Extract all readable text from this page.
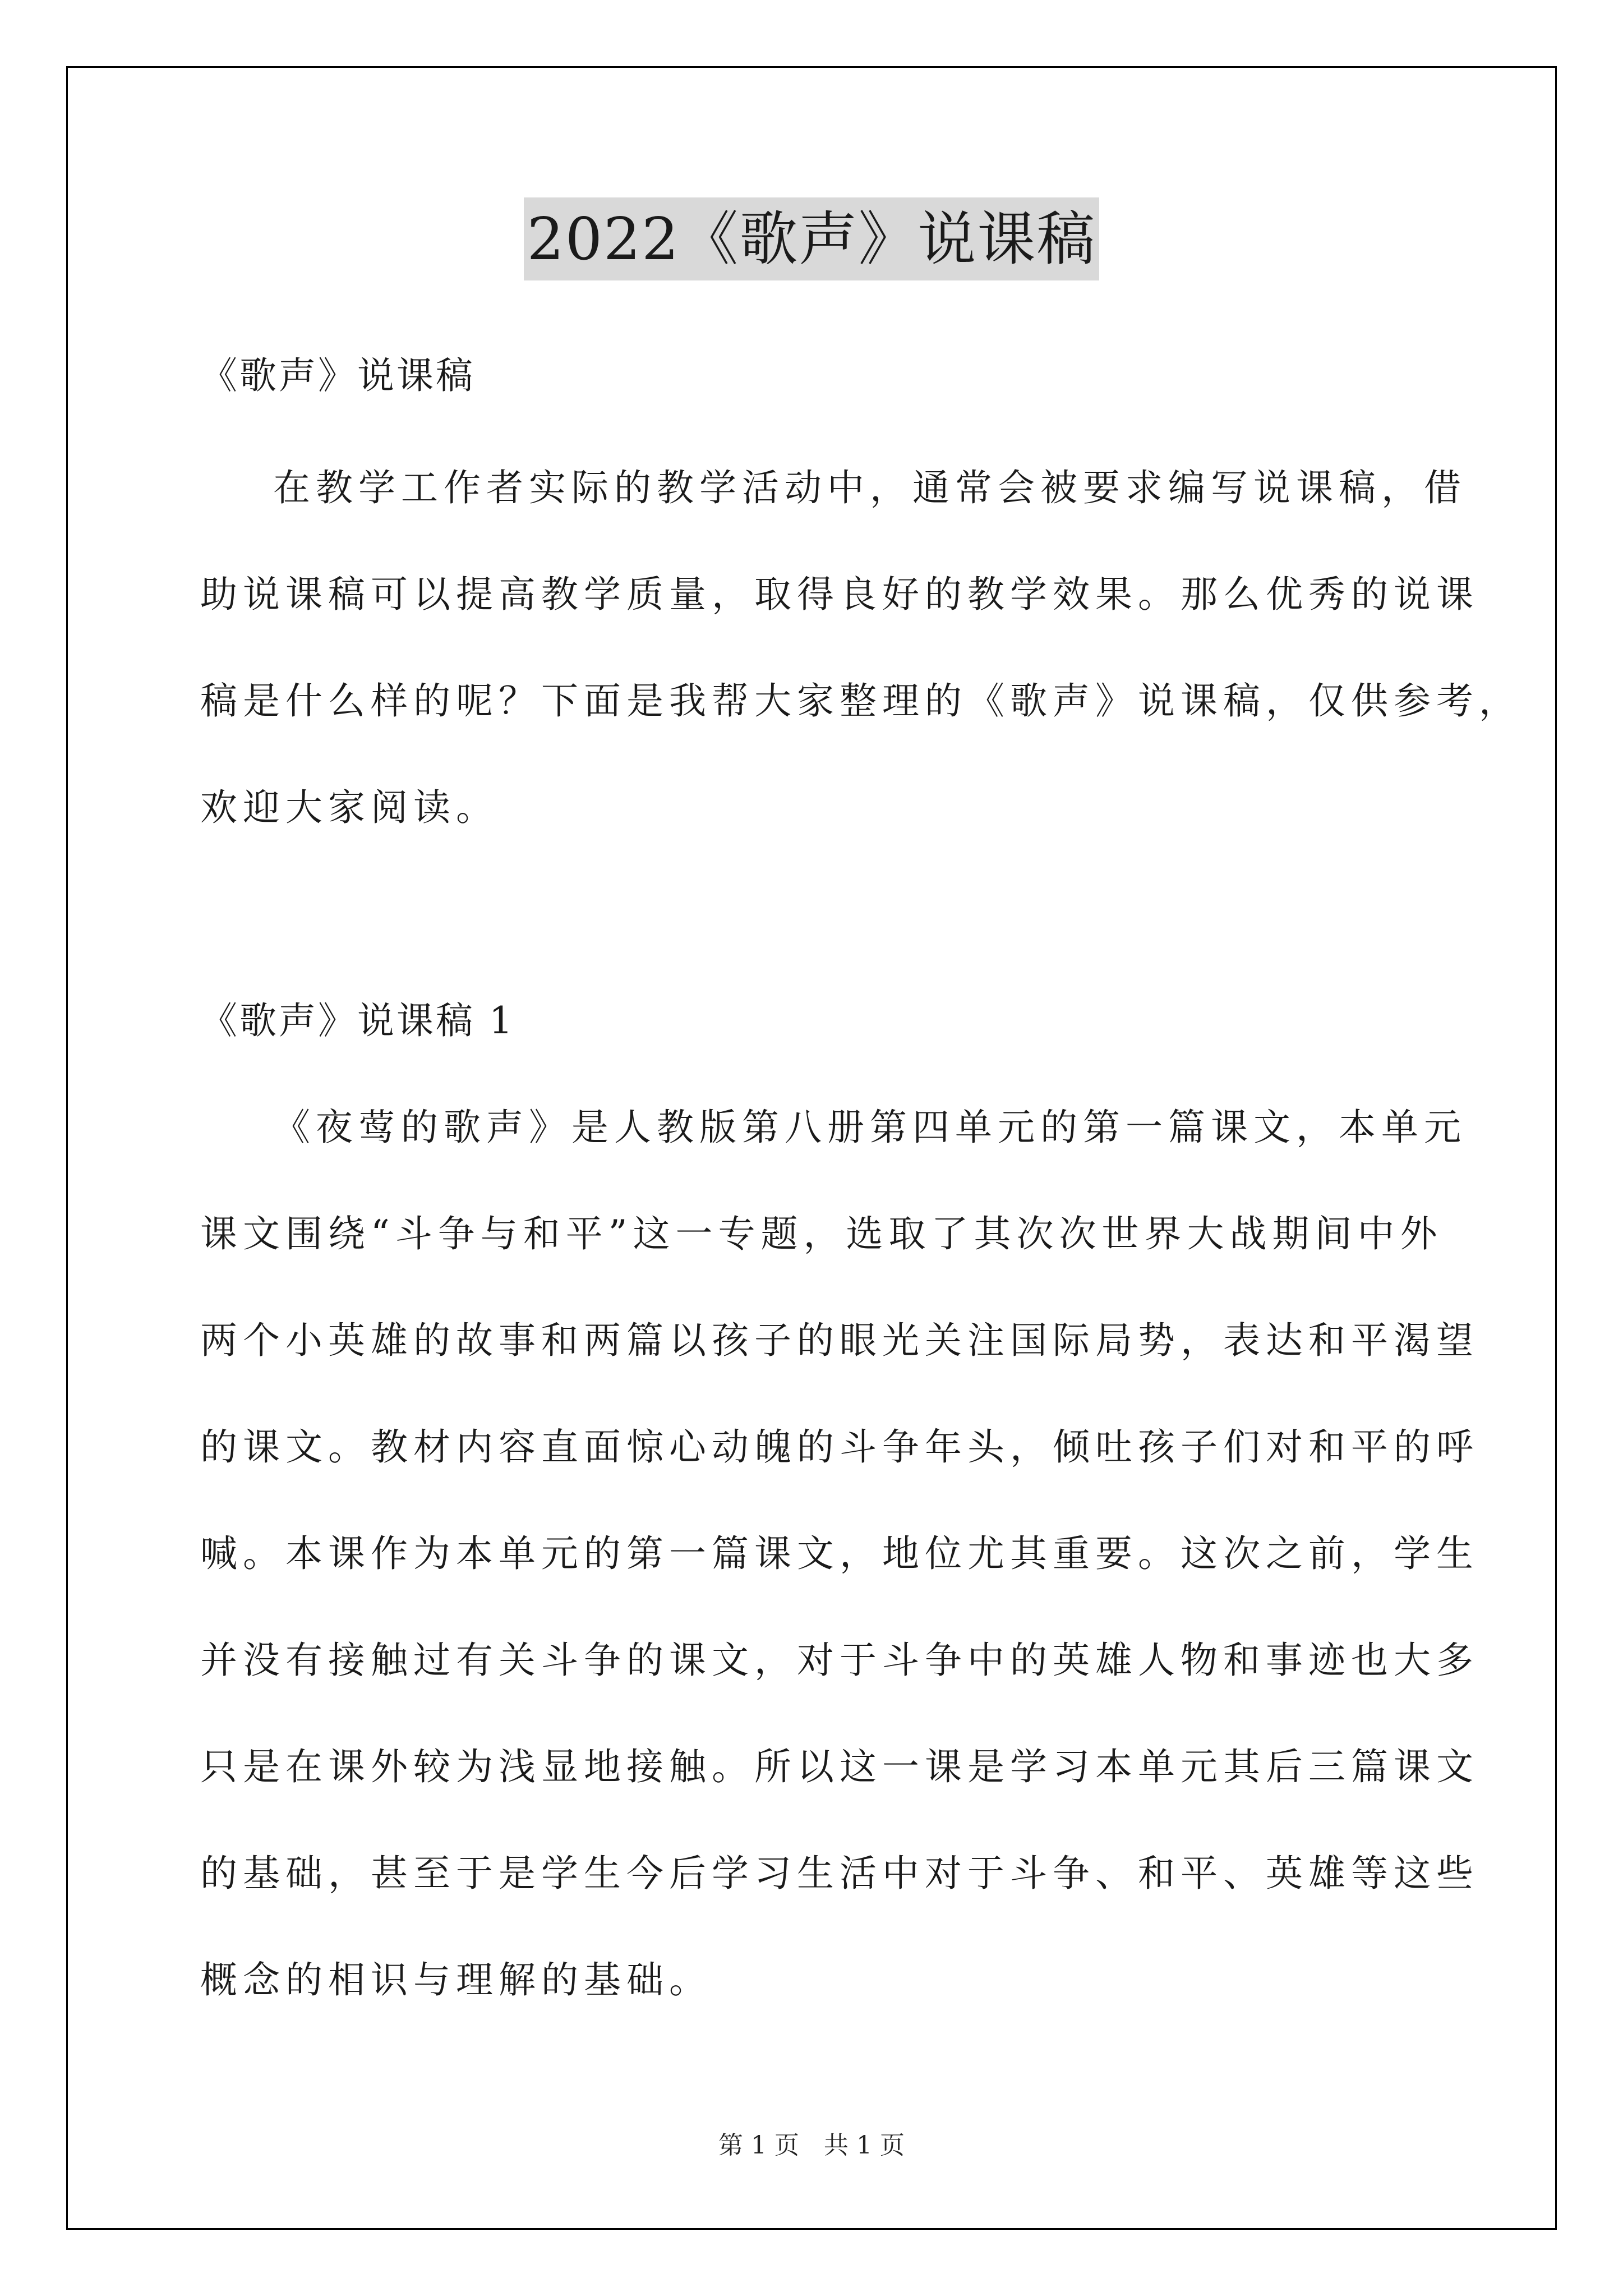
2022《歌声》说课稿

《歌声》说课稿

在教学工作者实际的教学活动中，通常会被要求编写说课稿，借

助说课稿可以提高教学质量，取得良好的教学效果。那么优秀的说课

稿是什么样的呢？下面是我帮大家整理的《歌声》说课稿，仅供参考，

欢迎大家阅读。

《歌声》说课稿 1

《夜莺的歌声》是人教版第八册第四单元的第一篇课文，本单元

课文围绕“斗争与和平”这一专题，选取了其次次世界大战期间中外

两个小英雄的故事和两篇以孩子的眼光关注国际局势，表达和平渴望

的课文。教材内容直面惊心动魄的斗争年头，倾吐孩子们对和平的呼

喊。本课作为本单元的第一篇课文，地位尤其重要。这次之前，学生

并没有接触过有关斗争的课文，对于斗争中的英雄人物和事迹也大多

只是在课外较为浅显地接触。所以这一课是学习本单元其后三篇课文

的基础，甚至于是学生今后学习生活中对于斗争、和平、英雄等这些

概念的相识与理解的基础。

第 1 页　共 1 页
